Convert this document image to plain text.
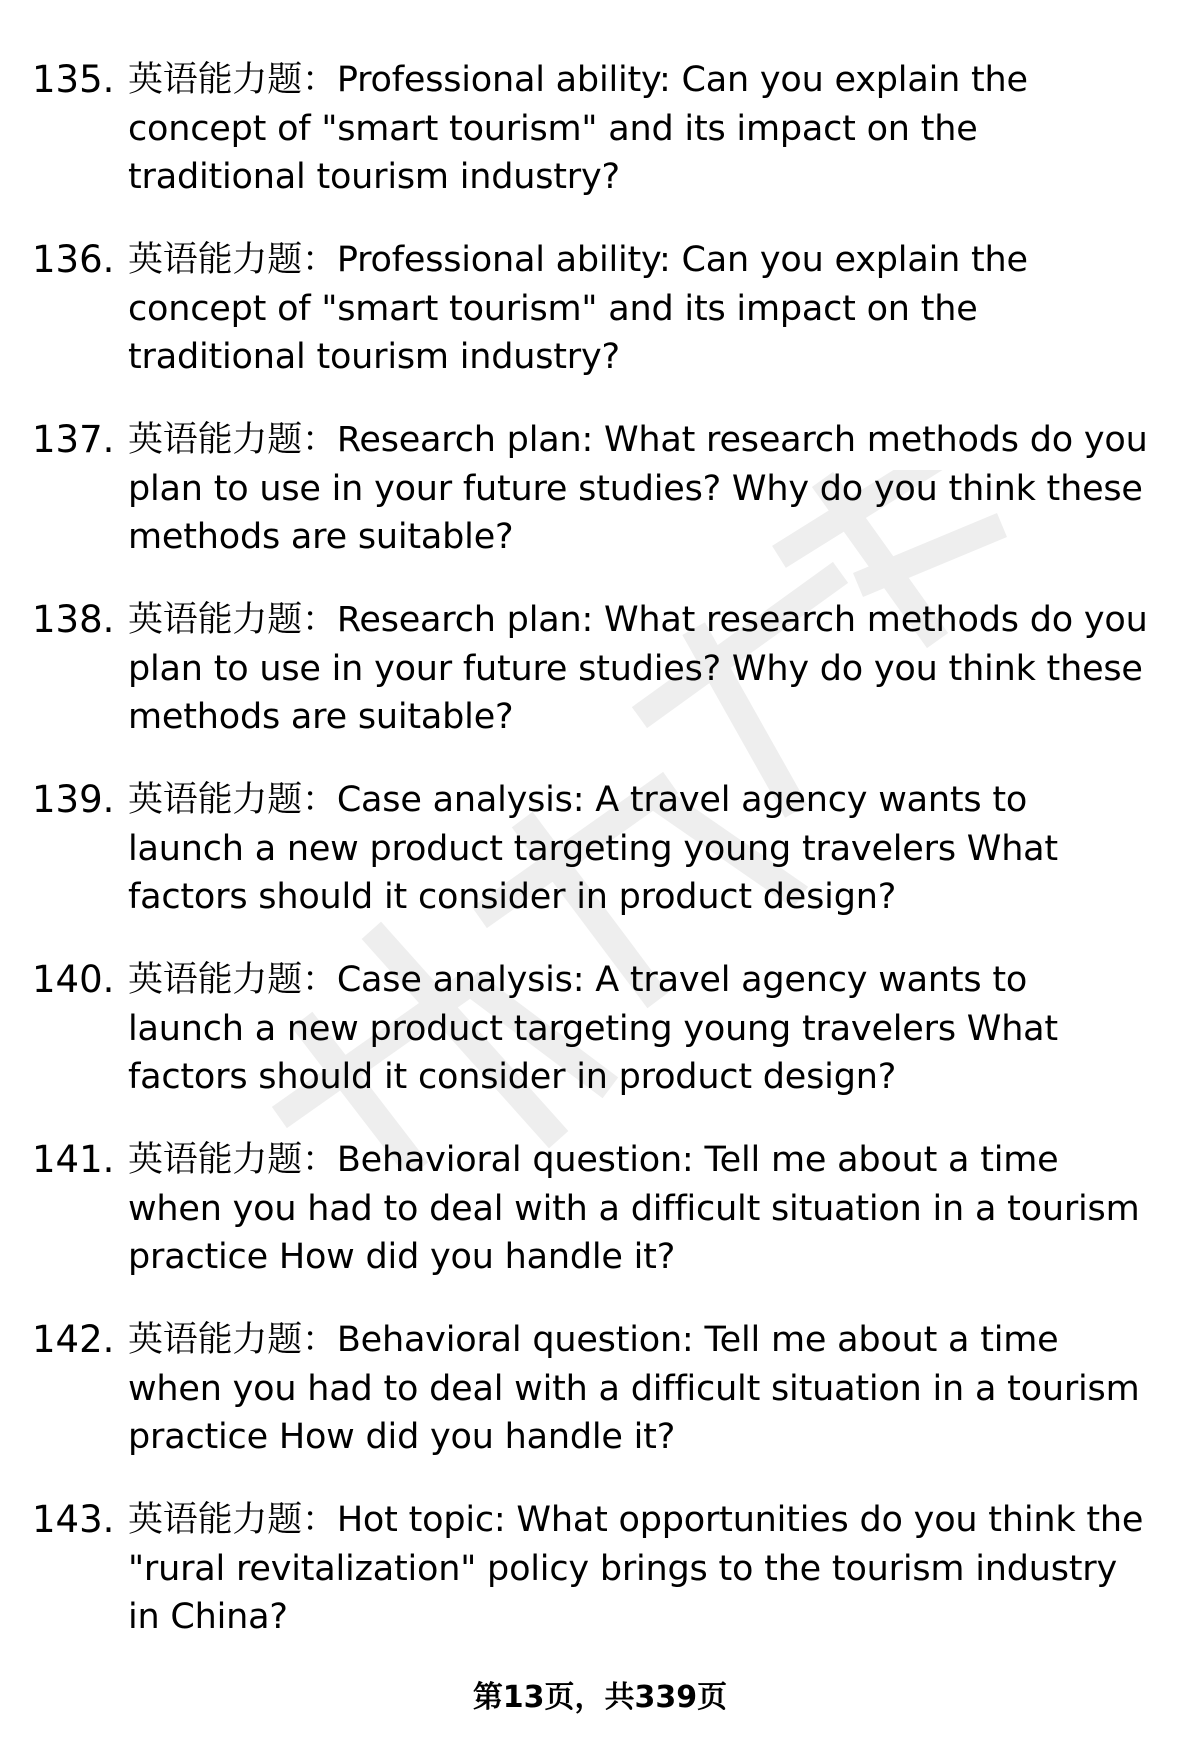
135. 英语能力题：Professional ability: Can you explain the concept of "smart tourism" and its impact on the traditional tourism industry?
136. 英语能力题：Professional ability: Can you explain the concept of "smart tourism" and its impact on the traditional tourism industry?
137. 英语能力题：Research plan: What research methods do you plan to use in your future studies? Why do you think these methods are suitable?
138. 英语能力题：Research plan: What research methods do you plan to use in your future studies? Why do you think these methods are suitable?
139. 英语能力题：Case analysis: A travel agency wants to launch a new product targeting young travelers What factors should it consider in product design?
140. 英语能力题：Case analysis: A travel agency wants to launch a new product targeting young travelers What factors should it consider in product design?
141. 英语能力题：Behavioral question: Tell me about a time when you had to deal with a difficult situation in a tourism practice How did you handle it?
142. 英语能力题：Behavioral question: Tell me about a time when you had to deal with a difficult situation in a tourism practice How did you handle it?
143. 英语能力题：Hot topic: What opportunities do you think the "rural revitalization" policy brings to the tourism industry in China?
第13页，共339页
